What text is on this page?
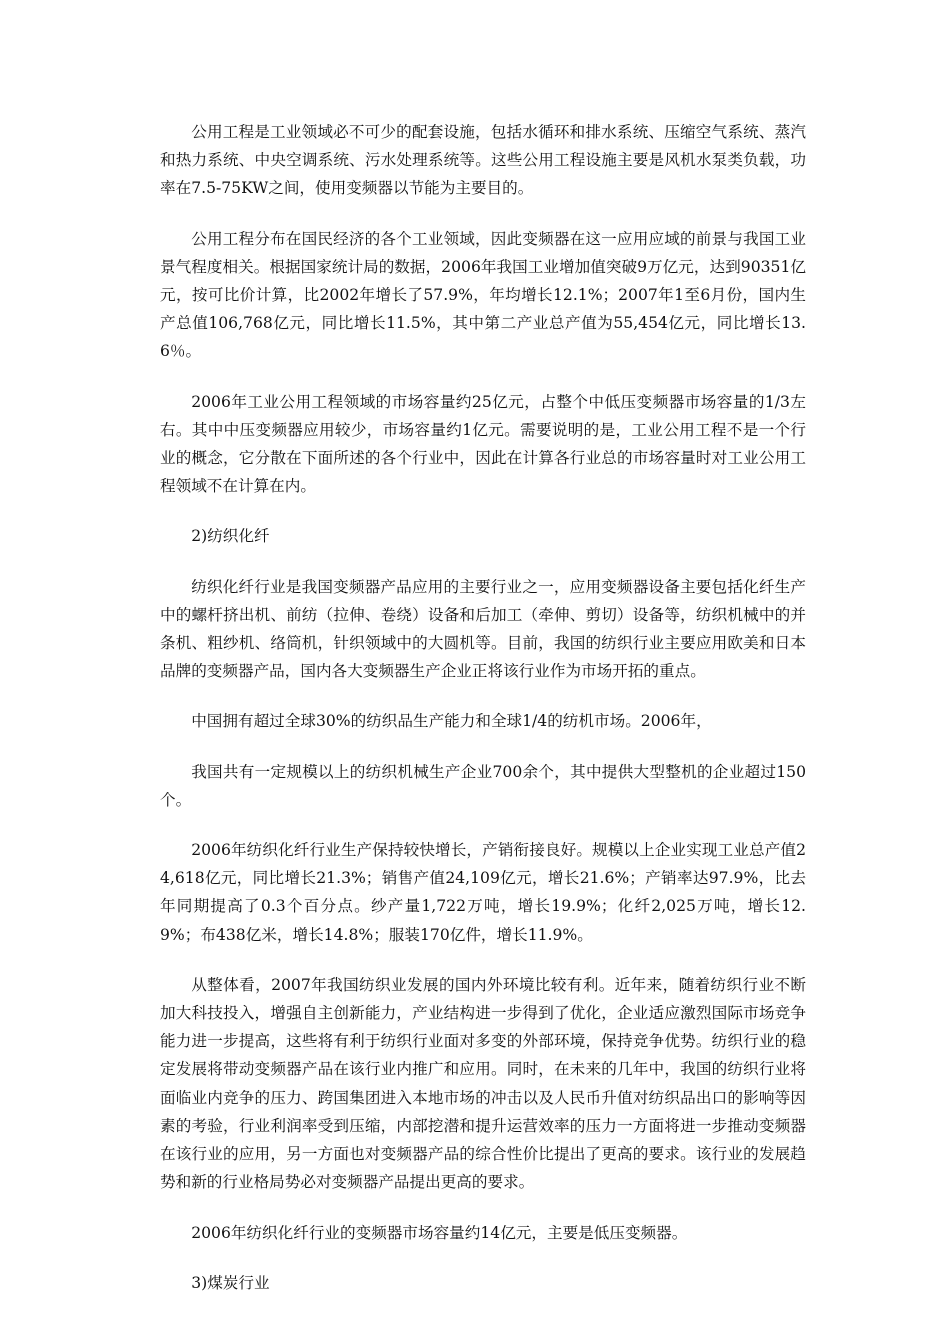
公用工程是工业领域必不可少的配套设施，包括水循环和排水系统、压缩空气系统、蒸汽和热力系统、中央空调系统、污水处理系统等。这些公用工程设施主要是风机水泵类负载，功率在7.5-75KW之间，使用变频器以节能为主要目的。

公用工程分布在国民经济的各个工业领域，因此变频器在这一应用应域的前景与我国工业景气程度相关。根据国家统计局的数据，2006年我国工业增加值突破9万亿元，达到90351亿元，按可比价计算，比2002年增长了57.9%，年均增长12.1%；2007年1至6月份，国内生产总值106,768亿元，同比增长11.5%，其中第二产业总产值为55,454亿元，同比增长13.6％。

2006年工业公用工程领域的市场容量约25亿元，占整个中低压变频器市场容量的1/3左右。其中中压变频器应用较少，市场容量约1亿元。需要说明的是，工业公用工程不是一个行业的概念，它分散在下面所述的各个行业中，因此在计算各行业总的市场容量时对工业公用工程领域不在计算在内。

2)纺织化纤

纺织化纤行业是我国变频器产品应用的主要行业之一，应用变频器设备主要包括化纤生产中的螺杆挤出机、前纺（拉伸、卷绕）设备和后加工（牵伸、剪切）设备等，纺织机械中的并条机、粗纱机、络筒机，针织领域中的大圆机等。目前，我国的纺织行业主要应用欧美和日本品牌的变频器产品，国内各大变频器生产企业正将该行业作为市场开拓的重点。

中国拥有超过全球30%的纺织品生产能力和全球1/4的纺机市场。2006年，

我国共有一定规模以上的纺织机械生产企业700余个，其中提供大型整机的企业超过150个。

2006年纺织化纤行业生产保持较快增长，产销衔接良好。规模以上企业实现工业总产值24,618亿元，同比增长21.3%；销售产值24,109亿元，增长21.6%；产销率达97.9%，比去年同期提高了0.3个百分点。纱产量1,722万吨，增长19.9%；化纤2,025万吨，增长12.9%；布438亿米，增长14.8%；服装170亿件，增长11.9%。

从整体看，2007年我国纺织业发展的国内外环境比较有利。近年来，随着纺织行业不断加大科技投入，增强自主创新能力，产业结构进一步得到了优化，企业适应激烈国际市场竞争能力进一步提高，这些将有利于纺织行业面对多变的外部环境，保持竞争优势。纺织行业的稳定发展将带动变频器产品在该行业内推广和应用。同时，在未来的几年中，我国的纺织行业将面临业内竞争的压力、跨国集团进入本地市场的冲击以及人民币升值对纺织品出口的影响等因素的考验，行业利润率受到压缩，内部挖潜和提升运营效率的压力一方面将进一步推动变频器在该行业的应用，另一方面也对变频器产品的综合性价比提出了更高的要求。该行业的发展趋势和新的行业格局势必对变频器产品提出更高的要求。

2006年纺织化纤行业的变频器市场容量约14亿元，主要是低压变频器。

3)煤炭行业
